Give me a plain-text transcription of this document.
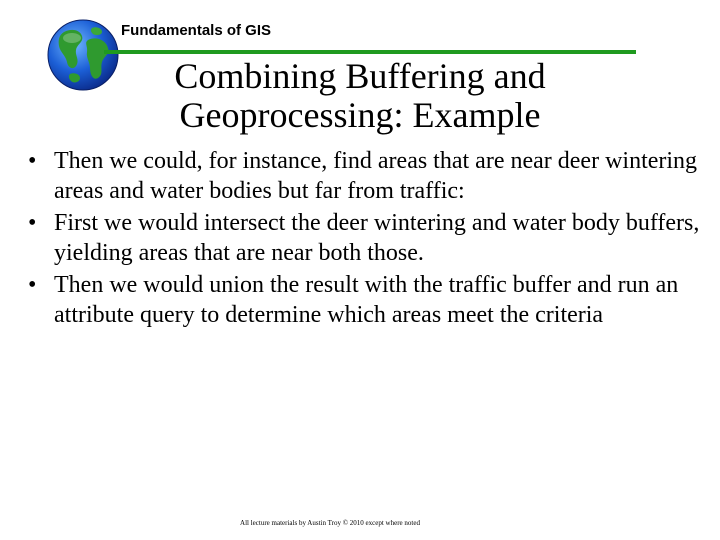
Fundamentals of GIS
Combining Buffering and
Geoprocessing: Example
• Then we could, for instance, find areas that are near deer wintering areas and water bodies but far from traffic:
• First we would intersect the deer wintering and water body buffers, yielding areas that are near both those.
• Then we would union the result with the traffic buffer and run an attribute query to determine which areas meet the criteria
All lecture materials by Austin Troy © 2010 except where noted
